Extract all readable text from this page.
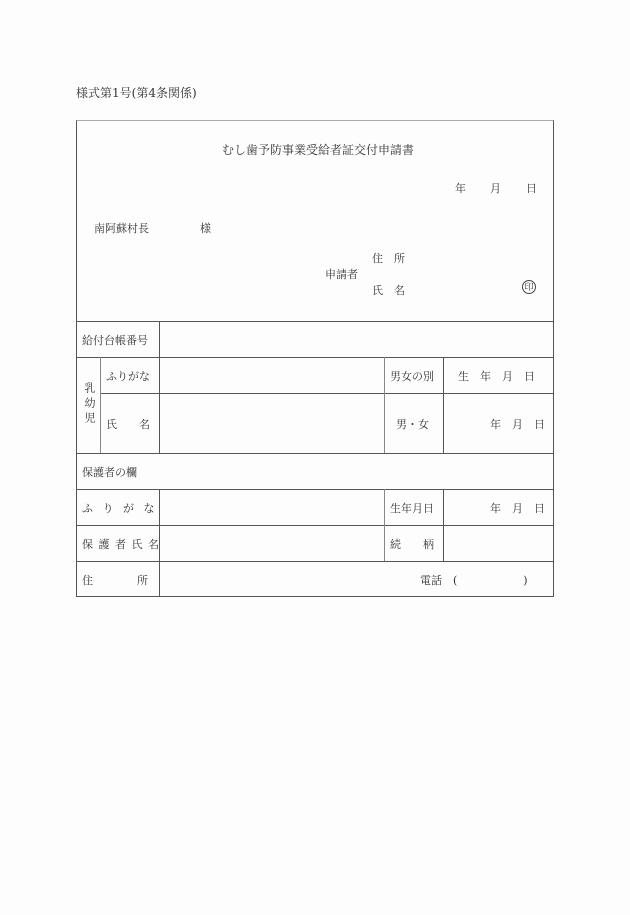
様式第1号(第4条関係)
むし歯予防事業受給者証交付申請書
年 月 日
南阿蘇村長	様
申請者
住　所
氏　名	印
給付台帳番号
乳幼児
ふりがな	男女の別 生　年　月　日
氏　　名	男・女	年　月　日
保護者の欄
ふ り が な	生年月日	年　月　日
保 護 者 氏 名	続　　柄
住　　　　所	電話　(　　　　　　)
